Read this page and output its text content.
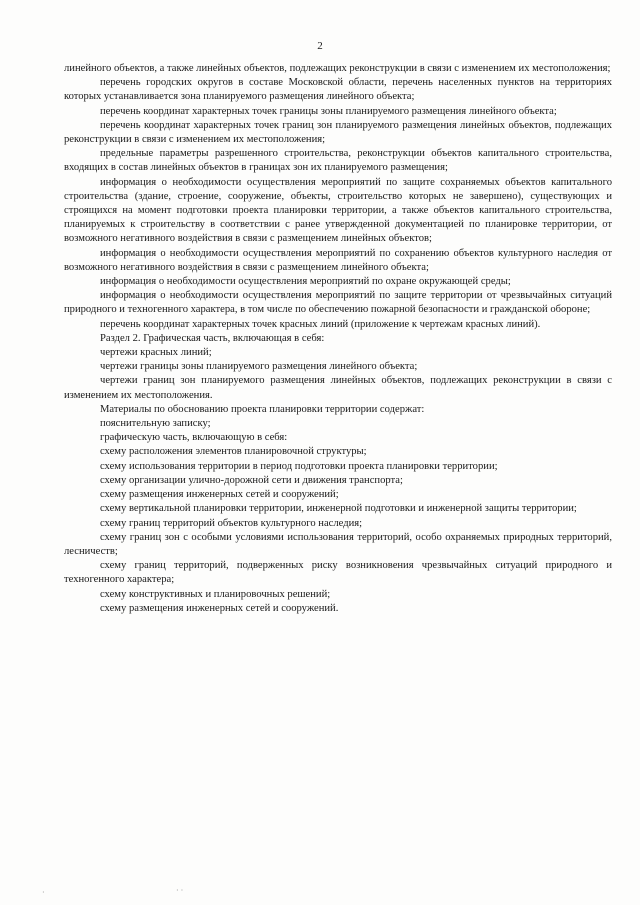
2

линейного объектов, а также линейных объектов, подлежащих реконструкции в связи с изменением их местоположения;

перечень городских округов в составе Московской области, перечень населенных пунктов на территориях которых устанавливается зона планируемого размещения линейного объекта;

перечень координат характерных точек границы зоны планируемого размещения линейного объекта;

перечень координат характерных точек границ зон планируемого размещения линейных объектов, подлежащих реконструкции в связи с изменением их местоположения;

предельные параметры разрешенного строительства, реконструкции объектов капитального строительства, входящих в состав линейных объектов в границах зон их планируемого размещения;

информация о необходимости осуществления мероприятий по защите сохраняемых объектов капитального строительства (здание, строение, сооружение, объекты, строительство которых не завершено), существующих и строящихся на момент подготовки проекта планировки территории, а также объектов капитального строительства, планируемых к строительству в соответствии с ранее утвержденной документацией по планировке территории, от возможного негативного воздействия в связи с размещением линейных объектов;

информация о необходимости осуществления мероприятий по сохранению объектов культурного наследия от возможного негативного воздействия в связи с размещением линейного объекта;

информация о необходимости осуществления мероприятий по охране окружающей среды;

информация о необходимости осуществления мероприятий по защите территории от чрезвычайных ситуаций природного и техногенного характера, в том числе по обеспечению пожарной безопасности и гражданской обороне;

перечень координат характерных точек красных линий (приложение к чертежам красных линий).

Раздел 2. Графическая часть, включающая в себя:

чертежи красных линий;

чертежи границы зоны планируемого размещения линейного объекта;

чертежи границ зон планируемого размещения линейных объектов, подлежащих реконструкции в связи с изменением их местоположения.

Материалы по обоснованию проекта планировки территории содержат:

пояснительную записку;

графическую часть, включающую в себя:

схему расположения элементов планировочной структуры;

схему использования территории в период подготовки проекта планировки территории;

схему организации улично-дорожной сети и движения транспорта;

схему размещения инженерных сетей и сооружений;

схему вертикальной планировки территории, инженерной подготовки и инженерной защиты территории;

схему границ территорий объектов культурного наследия;

схему границ зон с особыми условиями использования территорий, особо охраняемых природных территорий, лесничеств;

схему границ территорий, подверженных риску возникновения чрезвычайных ситуаций природного и техногенного характера;

схему конструктивных и планировочных решений;

схему размещения инженерных сетей и сооружений.

·	· ·
